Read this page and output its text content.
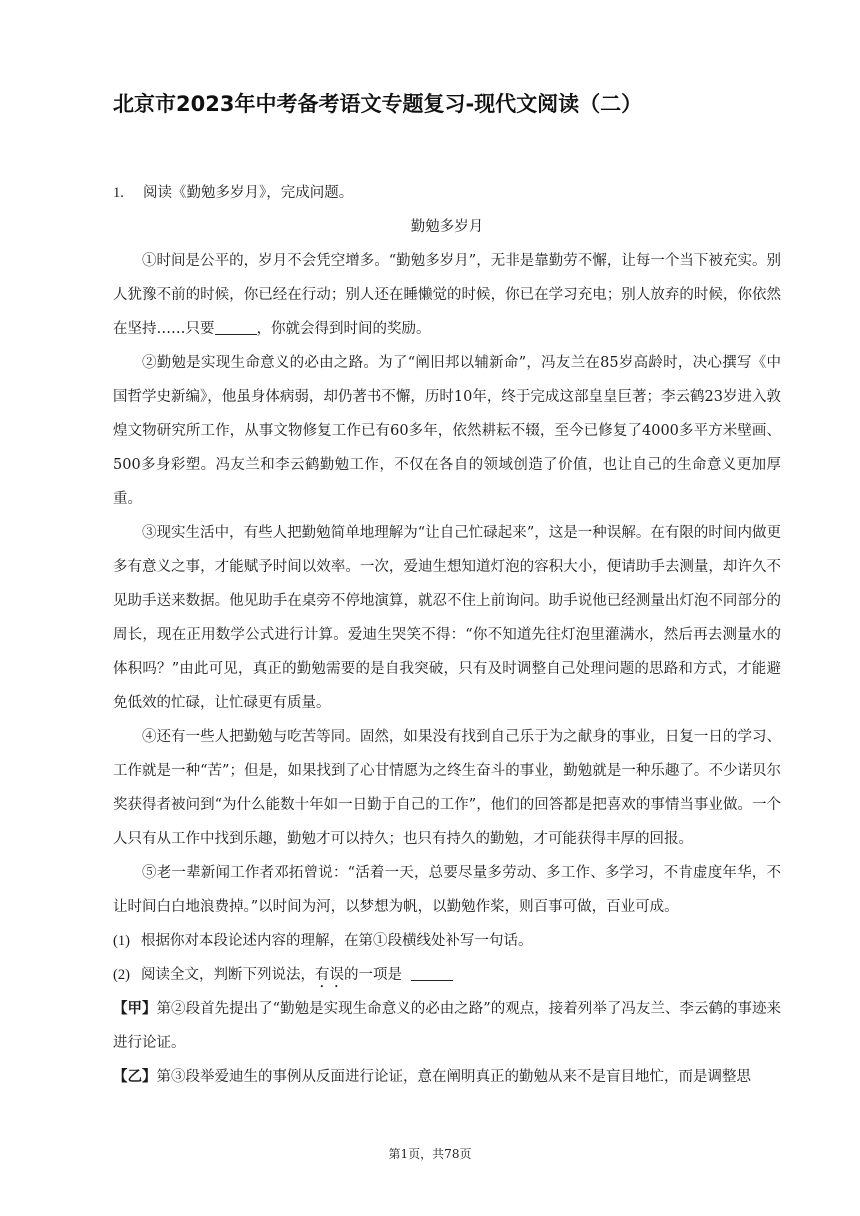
北京市2023年中考备考语文专题复习-现代文阅读（二）
1.	阅读《勤勉多岁月》，完成问题。
勤勉多岁月

①时间是公平的，岁月不会凭空增多。“勤勉多岁月”，无非是靠勤劳不懈，让每一个当下被充实。别人犹豫不前的时候，你已经在行动；别人还在睡懒觉的时候，你已在学习充电；别人放弃的时候，你依然在坚持……只要	，你就会得到时间的奖励。

②勤勉是实现生命意义的必由之路。为了“阐旧邦以辅新命”，冯友兰在85岁高龄时，决心撰写《中国哲学史新编》，他虽身体病弱，却仍著书不懈，历时10年，终于完成这部皇皇巨著；李云鹤23岁进入敦煌文物研究所工作，从事文物修复工作已有60多年，依然耕耘不辍，至今已修复了4000多平方米壁画、500多身彩塑。冯友兰和李云鹤勤勉工作，不仅在各自的领域创造了价值，也让自己的生命意义更加厚重。

③现实生活中，有些人把勤勉简单地理解为“让自己忙碌起来”，这是一种误解。在有限的时间内做更多有意义之事，才能赋予时间以效率。一次，爱迪生想知道灯泡的容积大小，便请助手去测量，却许久不见助手送来数据。他见助手在桌旁不停地演算，就忍不住上前询问。助手说他已经测量出灯泡不同部分的周长，现在正用数学公式进行计算。爱迪生哭笑不得：“你不知道先往灯泡里灌满水，然后再去测量水的体积吗？”由此可见，真正的勤勉需要的是自我突破，只有及时调整自己处理问题的思路和方式，才能避免低效的忙碌，让忙碌更有质量。

④还有一些人把勤勉与吃苦等同。固然，如果没有找到自己乐于为之献身的事业，日复一日的学习、工作就是一种“苦”；但是，如果找到了心甘情愿为之终生奋斗的事业，勤勉就是一种乐趣了。不少诺贝尔奖获得者被问到“为什么能数十年如一日勤于自己的工作”，他们的回答都是把喜欢的事情当事业做。一个人只有从工作中找到乐趣，勤勉才可以持久；也只有持久的勤勉，才可能获得丰厚的回报。

⑤老一辈新闻工作者邓拓曾说：“活着一天，总要尽量多劳动、多工作、多学习，不肯虚度年华，不让时间白白地浪费掉。”以时间为河，以梦想为帆，以勤勉作桨，则百事可做，百业可成。

(1) 根据你对本段论述内容的理解，在第①段横线处补写一句话。

(2) 阅读全文，判断下列说法，有误的一项是

【甲】第②段首先提出了“勤勉是实现生命意义的必由之路”的观点，接着列举了冯友兰、李云鹤的事迹来进行论证。

【乙】第③段举爱迪生的事例从反面进行论证，意在阐明真正的勤勉从来不是盲目地忙，而是调整思

第1页，共78页
